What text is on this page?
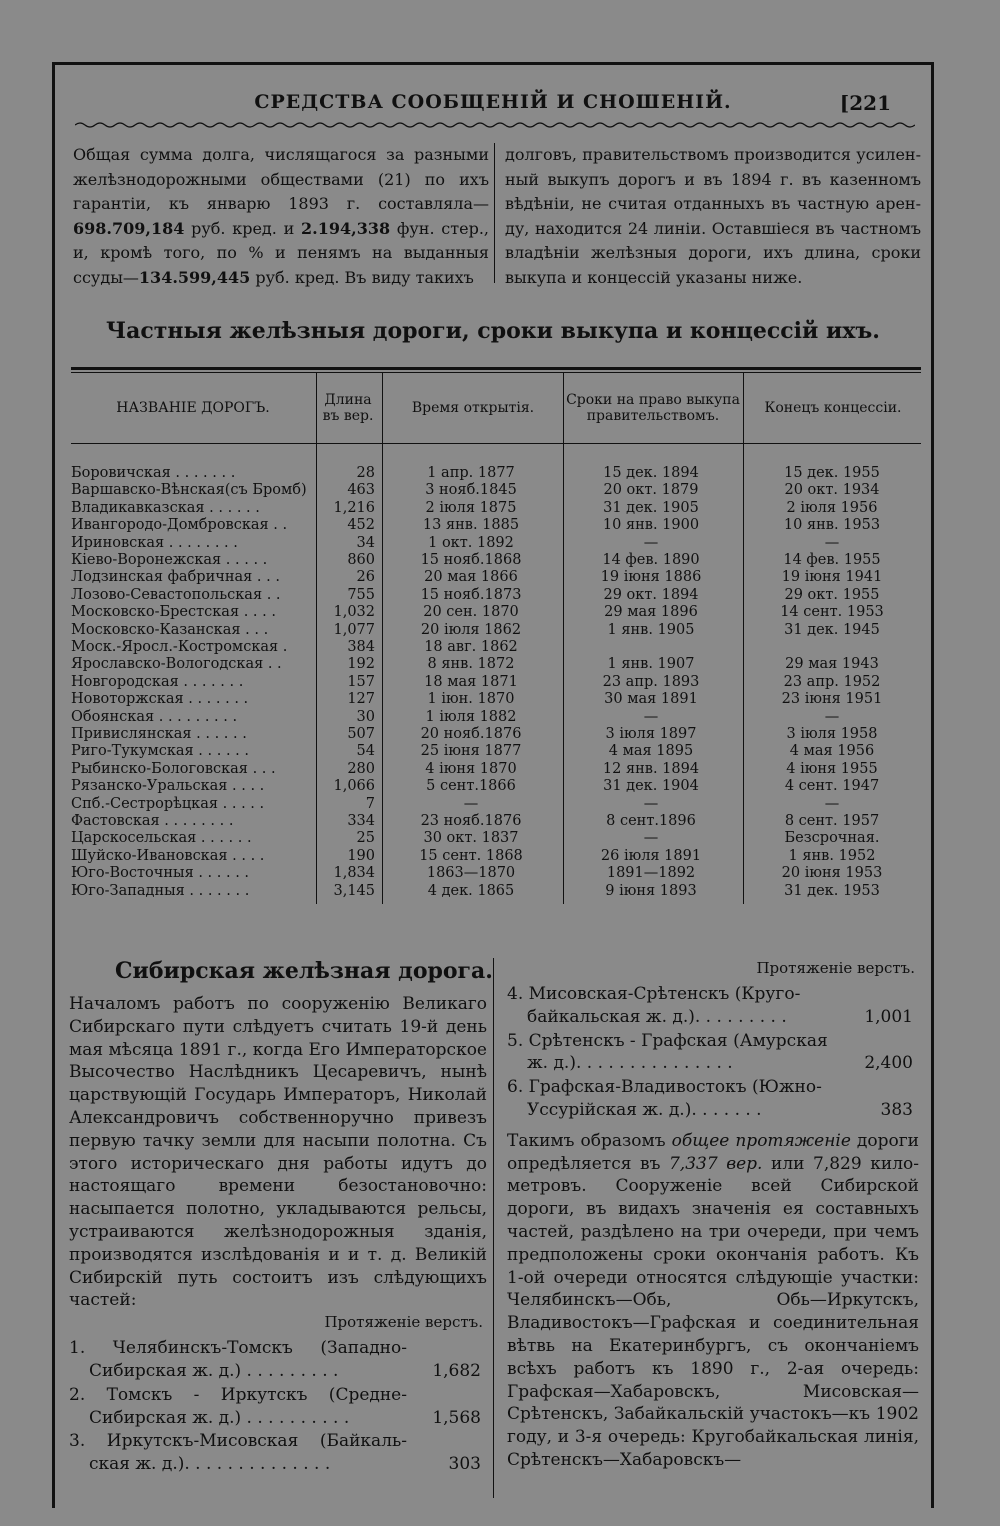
СРЕДСТВА СООБЩЕНІЙ И СНОШЕНІЙ.	[221
Общая сумма долга, числящагося за разными желѣзнодорожными обществами (21) по ихъ гарантіи, къ январю 1893 г. составляла—698.709,184 руб. кред. и 2.194,338 фун. стер., и, кромѣ того, по % и пенямъ на выданныя ссуды—134.599,445 руб. кред. Въ виду такихъ
долговъ, правительствомъ производится усиленный выкупъ дорогъ и въ 1894 г. въ казенномъ вѣдѣніи, не считая отданныхъ въ частную аренду, находится 24 линіи. Оставшіеся въ частномъ владѣніи желѣзныя дороги, ихъ длина, сроки выкупа и концессій указаны ниже.
Частныя желѣзныя дороги, сроки выкупа и концессій ихъ.
НАЗВАНІЕ ДОРОГЪ.	Длина въ вер.	Время открытія.	Сроки на право выкупа правительствомъ.	Конецъ концессіи.
Боровичская . . . . . . .	28	1 апр. 1877	15 дек. 1894	15 дек. 1955
Варшавско-Вѣнская(съ Бромб)	463	3 нояб.1845	20 окт. 1879	20 окт. 1934
Владикавказская . . . . . .	1,216	2 іюля 1875	31 дек. 1905	2 іюля 1956
Ивангородо-Домбровская . .	452	13 янв. 1885	10 янв. 1900	10 янв. 1953
Ириновская . . . . . . . .	34	1 окт. 1892	—	—
Кіево-Воронежская . . . . .	860	15 нояб.1868	14 фев. 1890	14 фев. 1955
Лодзинская фабричная . . .	26	20 мая 1866	19 іюня 1886	19 іюня 1941
Лозово-Севастопольская . .	755	15 нояб.1873	29 окт. 1894	29 окт. 1955
Московско-Брестская . . . .	1,032	20 сен. 1870	29 мая 1896	14 сент. 1953
Московско-Казанская . . .	1,077	20 іюля 1862	1 янв. 1905	31 дек. 1945
Моск.-Яросл.-Костромская .	384	18 авг. 1862
Ярославско-Вологодская . .	192	8 янв. 1872	1 янв. 1907	29 мая 1943
Новгородская . . . . . . .	157	18 мая 1871	23 апр. 1893	23 апр. 1952
Новоторжская . . . . . . .	127	1 іюн. 1870	30 мая 1891	23 іюня 1951
Обоянская . . . . . . . . .	30	1 іюля 1882	—	—
Привислянская . . . . . .	507	20 нояб.1876	3 іюля 1897	3 іюля 1958
Риго-Тукумская . . . . . .	54	25 іюня 1877	4 мая 1895	4 мая 1956
Рыбинско-Бологовская . . .	280	4 іюня 1870	12 янв. 1894	4 іюня 1955
Рязанско-Уральская . . . .	1,066	5 сент.1866	31 дек. 1904	4 сент. 1947
Спб.-Сестрорѣцкая . . . . .	7	—	—	—
Фастовская . . . . . . . .	334	23 нояб.1876	8 сент.1896	8 сент. 1957
Царскосельская . . . . . .	25	30 окт. 1837	—	Безсрочная.
Шуйско-Ивановская . . . .	190	15 сент. 1868	26 іюля 1891	1 янв. 1952
Юго-Восточныя . . . . . .	1,834	1863—1870	1891—1892	20 іюня 1953
Юго-Западныя . . . . . . .	3,145	4 дек. 1865	9 іюня 1893	31 дек. 1953
Сибирская желѣзная дорога.
Началомъ работъ по сооруженію Великаго Сибирскаго пути слѣдуетъ считать 19-й день мая мѣсяца 1891 г., когда Его Императорское Высочество Наслѣдникъ Цесаревичъ, нынѣ царствующій Государь Императоръ, Николай Александровичъ собственноручно привезъ первую тачку земли для насыпи полотна. Съ этого историческаго дня работы идутъ до настоящаго времени безостановочно: насыпается полотно, укладываются рельсы, устраиваются желѣзнодорожныя зданія, производятся изслѣдованія и и т. д. Великій Сибирскій путь состоитъ изъ слѣдующихъ частей:
Протяженіе верстъ.
1. Челябинскъ-Томскъ (Западно-Сибирская ж. д.) . . . . . . . . .	1,682
2. Томскъ - Иркутскъ (Средне-Сибирская ж. д.) . . . . . . . . . .	1,568
3. Иркутскъ-Мисовская (Байкальская ж. д.). . . . . . . . . . . . . .	303
Протяженіе верстъ.
4. Мисовская-Срѣтенскъ (Кругобайкальская ж. д.). . . . . . . . .	1,001
5. Срѣтенскъ - Графская (Амурская ж. д.). . . . . . . . . . . . . . .	2,400
6. Графская-Владивостокъ (Южно-Уссурійская ж. д.). . . . . . .	383
Такимъ образомъ общее протяженіе дороги опредѣляется въ 7,337 вер. или 7,829 километровъ. Сооруженіе всей Сибирской дороги, въ видахъ значенія ея составныхъ частей, раздѣлено на три очереди, при чемъ предположены сроки окончанія работъ. Къ 1-ой очереди относятся слѣдующіе участки: Челябинскъ—Обь, Обь—Иркутскъ, Владивостокъ—Графская и соединительная вѣтвь на Екатеринбургъ, съ окончаніемъ всѣхъ работъ къ 1890 г., 2-ая очередь: Графская—Хабаровскъ, Мисовская—Срѣтенскъ, Забайкальскій участокъ—къ 1902 году, и 3-я очередь: Кругобайкальская линія, Срѣтенскъ—Хабаровскъ—
